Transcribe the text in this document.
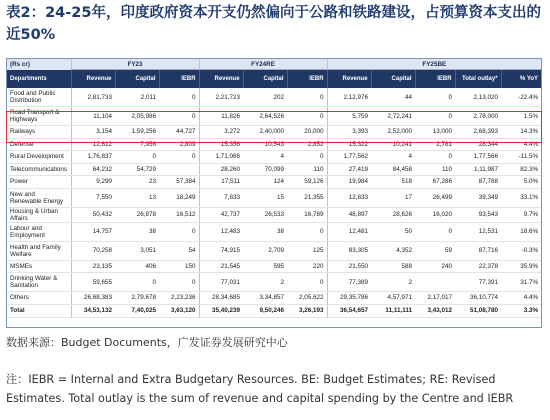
表2：24-25年，印度政府资本开支仍然偏向于公路和铁路建设，占预算资本支出的近50%
(Rs cr)	FY23			FY24RE			FY25BE				
Departments	Revenue	Capital	IEBR	Revenue	Capital	IEBR	Revenue	Capital	IEBR	Total outlay*	% YoY
Food and Public Distribution	2,81,733	2,011	0	2,21,723	202	0	2,12,976	44	0	2,13,020	-22.4%
Road Transport & Highways	11,104	2,05,986	0	11,826	2,64,526	0	5,759	2,72,241	0	2,78,000	1.5%
Railways	3,154	1,59,256	44,727	3,272	2,40,000	20,000	3,393	2,52,000	13,000	2,68,393	14.3%
Defense	12,612	7,956	2,809	15,356	10,543	2,852	15,322	10,241	2,781	28,344	4.4%
Rural Development	1,76,837	0	0	1,71,066	4	0	1,77,562	4	0	1,77,566	-11.5%
Telecommunications	64,232	54,729		28,260	70,099	110	27,419	84,458	110	1,11,987	82.3%
Power	9,290	23	57,384	17,511	124	59,126	19,984	518	67,286	87,788	5.0%
New and Renewable Energy	7,550	13	18,249	7,833	15	21,355	12,833	17	26,499	39,349	33.1%
Housing & Urban Affairs	50,432	26,878	16,512	42,737	26,533	16,789	48,897	28,626	16,020	93,543	9.7%
Labour and Employment	14,757	38	0	12,483	38	0	12,481	50	0	12,531	18.6%
Health and Family Welfare	70,258	3,051	54	74,915	2,709	125	83,305	4,352	59	87,716	-0.3%
MSMEs	23,135	406	150	21,545	595	220	21,550	588	240	22,378	35.9%
Drinking Water & Sanitation	59,655	0	0	77,031	2	0	77,389	2		77,391	31.7%
Others	26,68,383	2,79,678	2,23,236	28,34,685	3,34,857	2,05,622	29,35,786	4,57,971	2,17,017	36,10,774	4.4%
Total	34,53,132	7,40,025	3,63,120	35,40,239	9,50,246	3,26,193	36,54,657	11,11,111	3,43,012	51,08,780	3.3%
数据来源：Budget Documents，广发证券发展研究中心
注：IEBR = Internal and Extra Budgetary Resources. BE: Budget Estimates; RE: Revised Estimates. Total outlay is the sum of revenue and capital spending by the Centre and IEBR
